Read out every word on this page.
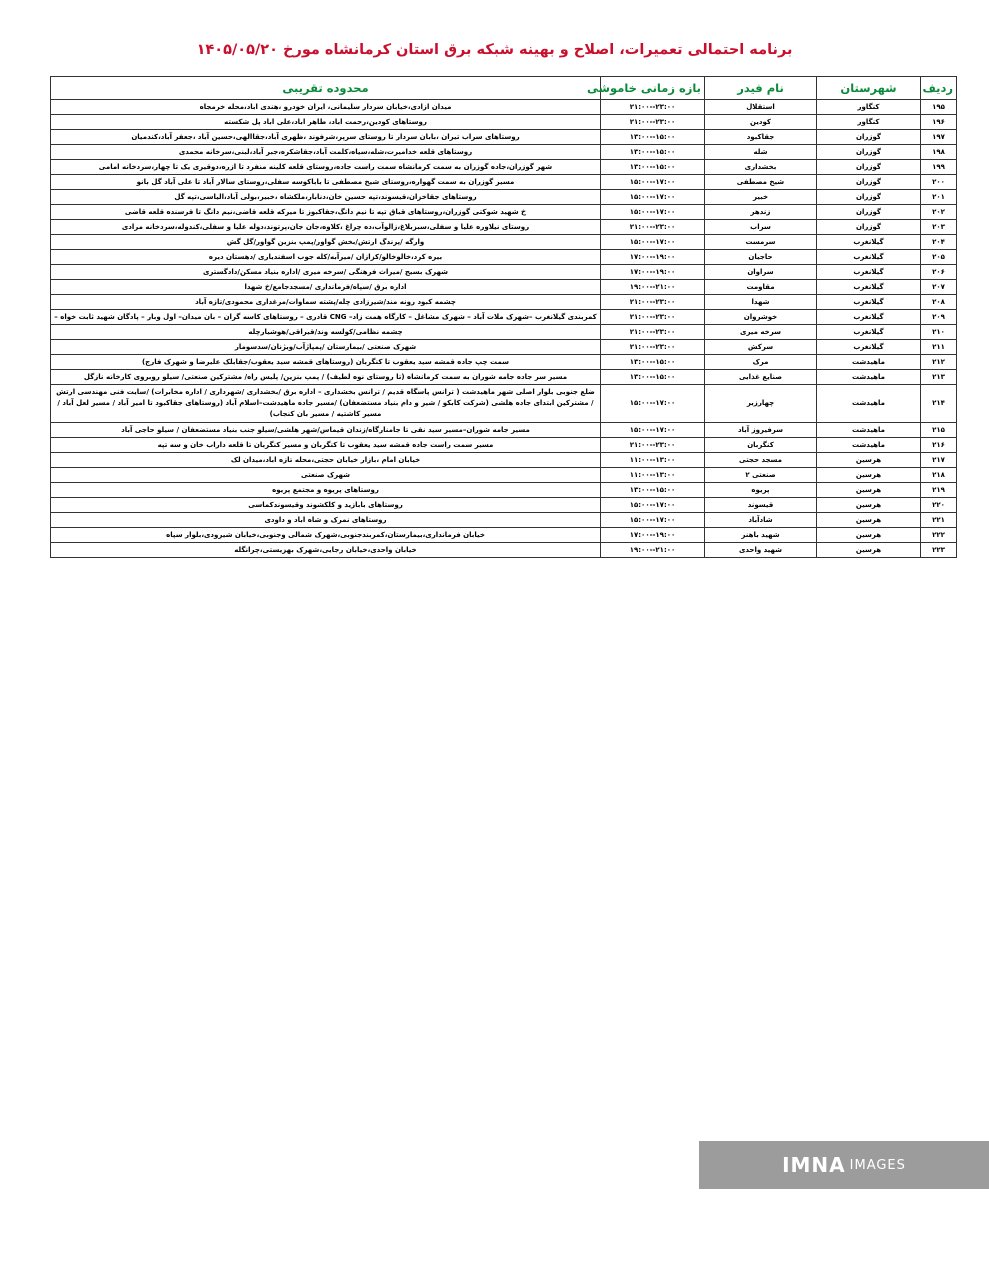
برنامه احتمالی تعمیرات، اصلاح و بهینه شبکه برق استان کرمانشاه مورخ ۱۴۰۵/۰۵/۲۰
ردیف	شهرستان	نام فیدر	بازه زمانی خاموشی	محدوده تقریبی
۱۹۵	کنگاور	استقلال	۲۱:۰۰--۲۳:۰۰	میدان ازادی،خیابان سردار سلیمانی، ایران خودرو ،هندی اباد،محله خرمجاه
۱۹۶	کنگاور	کودین	۲۱:۰۰--۲۳:۰۰	روستاهای کودین،رحمت اباد، طاهر اباد،علی اباد پل شکسته
۱۹۷	گوزران	جقاکبود	۱۳:۰۰--۱۵:۰۰	روستاهای سراب تیران ،بابان سردار تا روستای سرپر،شرفوند ،ظهری آباد،جقاالهی،حسین آباد ،جعفر آباد،کندمیان
۱۹۸	گوزران	شله	۱۳:۰۰--۱۵:۰۰	روستاهای قلعه خدامیرت،شله،سیاه،کلمت آباد،جقاشکره،جبر آباد،لبنی،سرخانه محمدی
۱۹۹	گوزران	بخشداری	۱۳:۰۰--۱۵:۰۰	شهر گوزران،جاده گوزران به سمت کرمانشاه سمت راست جاده،روستای قلعه کلینه منفرد تا ازره،دوقیری یک تا چهار،سردخانه امامی
۲۰۰	گوزران	شیخ مصطفی	۱۵:۰۰--۱۷:۰۰	مسیر گوزران به سمت گهواره،روستای شیخ مصطفی تا باباکوسه سفلی،روستای سالار آباد تا علی آباد گل بانو
۲۰۱	گوزران	خبیر	۱۵:۰۰--۱۷:۰۰	روستاهای جقاخزان،قیسوند،تپه حسین خان،دنابار،ملکشاه ،خبیر،بولی آباد،الیاسی،تپه گل
۲۰۲	گوزران	زندهر	۱۵:۰۰--۱۷:۰۰	خ شهید شوکتی گوزران،روستاهای قباق تپه تا نیم دانگ،جقاکبوز تا میرکه قلعه قاضی،نیم دانگ تا قرسنده قلعه قاضی
۲۰۳	گوزران	سراب	۲۱:۰۰--۲۳:۰۰	روستای نیلاوره علیا و سفلی،سبزبلاغ،زالوآب،ده چراغ ،کلاوه،جان جان،پرتوند،دوله علیا و سفلی،کندوله،سردخانه مرادی
۲۰۴	گیلانغرب	سرمست	۱۵:۰۰--۱۷:۰۰	وارگه /پرندگ ارتش/بخش گواور/پمپ بنزین گواور/گل گش
۲۰۵	گیلانغرب	حاجیان	۱۷:۰۰--۱۹:۰۰	بیره کرد،خالوخالو/کزازان /میرآبه/کله جوب اسفندیاری /دهستان دیره
۲۰۶	گیلانغرب	سراوان	۱۷:۰۰--۱۹:۰۰	شهرک بسیج /میراث فرهنگی /سرخه میری /اداره بنیاد مسکن/دادگستری
۲۰۷	گیلانغرب	مقاومت	۱۹:۰۰--۲۱:۰۰	اداره برق /سپاه/فرمانداری /مسجدجامع/خ شهدا
۲۰۸	گیلانغرب	شهدا	۲۱:۰۰--۲۳:۰۰	چشمه کبود رونه مند/شیرزادی چله/پشته سماوات/مرغداری محمودی/تازه آباد
۲۰۹	گیلانغرب	خوشروان	۲۱:۰۰--۲۳:۰۰	کمربندی گیلانغرب –شهرک ملات آباد – شهرک مشاغل – کارگاه همت زاد– CNG قادری – روستاهای کاسه گران – بان میدان– اول وبار – پادگان شهید ثابت خواه –
۲۱۰	گیلانغرب	سرخه میری	۲۱:۰۰--۲۳:۰۰	چشمه نظامی/کولسه وند/قیراقی/هوشیارچله
۲۱۱	گیلانغرب	سرکش	۲۱:۰۰--۲۳:۰۰	شهرک صنعتی /بیمارستان /پمپاژآب/ویژنان/سدسومار
۲۱۲	ماهیدشت	مرک	۱۳:۰۰--۱۵:۰۰	سمت چپ جاده قمشه سید یعقوب تا کنگربان (روستاهای قمشه سید یعقوب/جقابلک علیرضا و شهرک فارج)
۲۱۳	ماهیدشت	صنایع غذایی	۱۳:۰۰--۱۵:۰۰	مسیر سر جاده جامه شوران به سمت کرمانشاه (تا روستای نوه لطیف) / پمپ بنزین/ پلیس راه/ مشترکین صنعتی/ سیلو روبروی کارخانه نازگل
۲۱۴	ماهیدشت	چهارزبر	۱۵:۰۰--۱۷:۰۰	ضلع جنوبی بلوار اصلی شهر ماهیدشت ( ترانس پاسگاه قدیم / ترانس بخشداری – اداره برق /بخشداری /شهرداری / اداره مخابرات) /سایت فنی مهندسی ارتش / مشترکین ابتدای جاده هلشی (شرکت کابکو / شیر و دام بنیاد مستضعفان) /مسیر جاده ماهیدشت–اسلام آباد (روستاهای جقاکبود تا امیر آباد / مسیر لعل آباد /مسیر کاشتیه / مسیر بان کنجاب)
۲۱۵	ماهیدشت	سرفیروز آباد	۱۵:۰۰--۱۷:۰۰	مسیر جامه شوران–مسیر سید نقی تا جامنارگاه/زندان قیماس/شهر هلشی/سیلو جنب بنیاد مستضعفان / سیلو حاجی آباد
۲۱۶	ماهیدشت	کنگربان	۲۱:۰۰--۲۳:۰۰	مسیر سمت راست جاده قمشه سید یعقوب تا کنگربان و مسیر کنگربان تا قلعه داراب خان و سه تپه
۲۱۷	هرسین	مسجد حجتی	۱۱:۰۰--۱۳:۰۰	خیابان امام ،بازار خیابان حجتی،محله تازه اباد،میدان لک
۲۱۸	هرسین	صنعتی ۲	۱۱:۰۰--۱۳:۰۰	شهرک صنعتی
۲۱۹	هرسین	پریوه	۱۳:۰۰--۱۵:۰۰	روستاهای پریوه و مجتمع پریوه
۲۲۰	هرسین	قیسوند	۱۵:۰۰--۱۷:۰۰	روستاهای بابازید و کلکشوند وقیسوندکماسی
۲۲۱	هرسین	شادآباد	۱۵:۰۰--۱۷:۰۰	روستاهای نمرک و شاه اباد و داودی
۲۲۲	هرسین	شهید باهنر	۱۷:۰۰--۱۹:۰۰	خیابان فرمانداری،بیمارستان،کمربندجنوبی،شهرک شمالی وجنوبی،خیابان شیرودی،بلوار سپاه
۲۲۳	هرسین	شهید واحدی	۱۹:۰۰--۲۱:۰۰	خیابان واحدی،خیابان رجایی،شهرک بهزیستی،چرانگله
IMNA IMAGES
